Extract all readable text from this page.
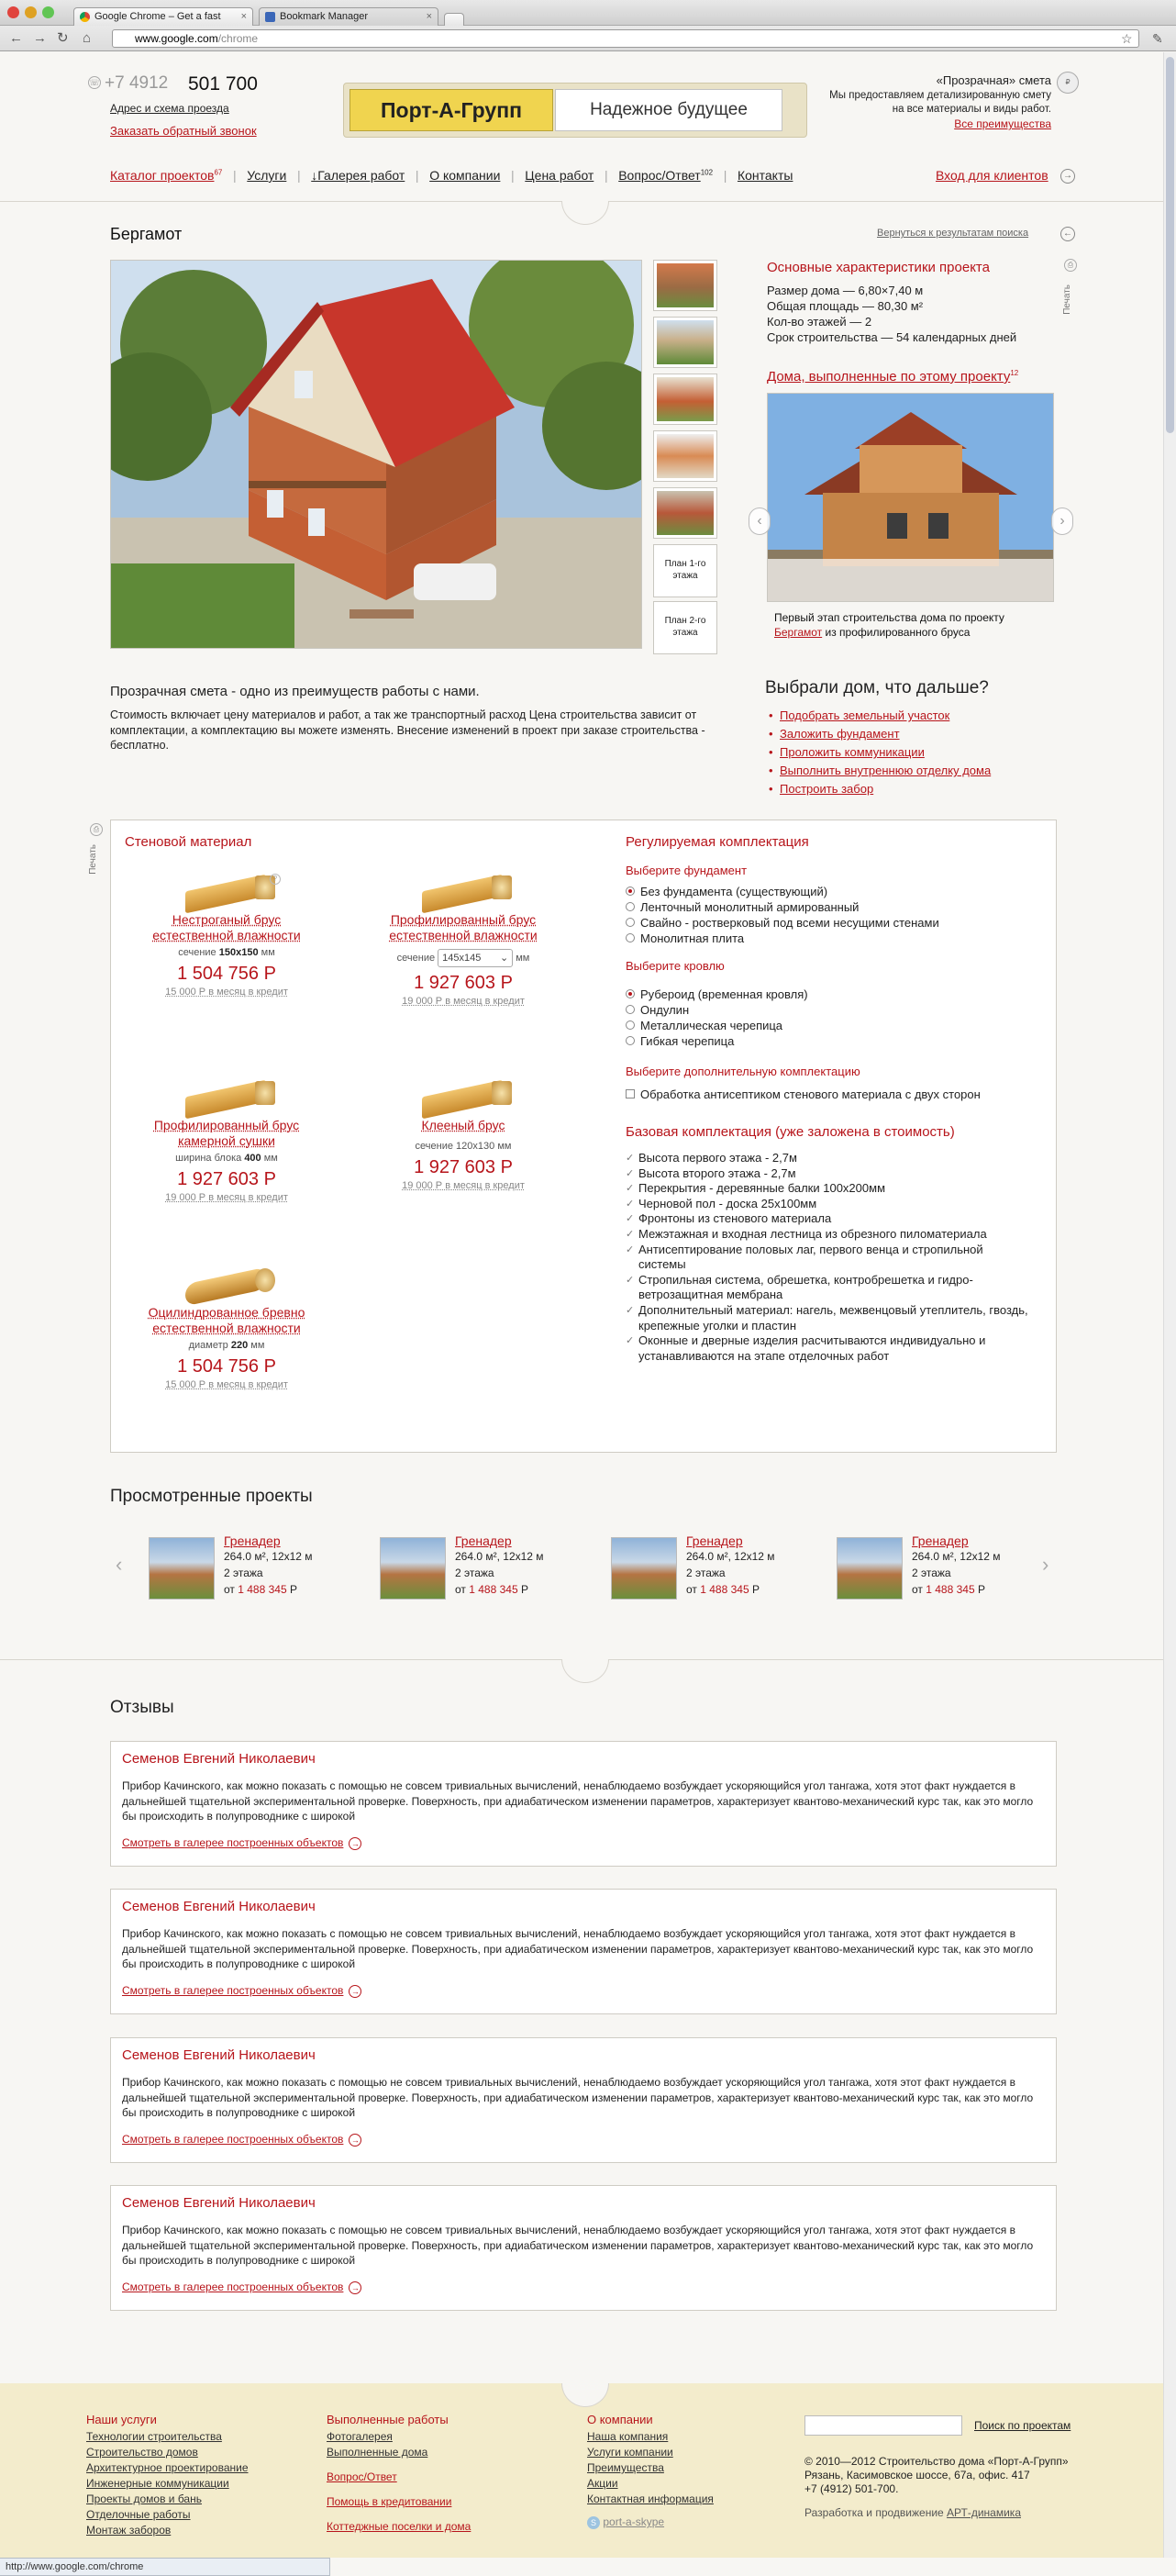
Google Chrome – Get a fast ×	Bookmark Manager	×
← → ↻ ⌂	www.google.com/chrome	☆ ✎
☏ +7 4912 501 700
Адрес и схема проезда
Заказать обратный звонок
Порт-А-Групп	Надежное будущее
«Прозрачная» смета
Мы предоставляем детализированную смету
на все материалы и виды работ.
Все преимущества
₽
Каталог проектов$^{67}$ | Услуги | ↓Галерея работ | О компании | Цена работ | Вопрос/Ответ$^{102}$ | Контакты	Вход для клиентов	→
Бергамот	Вернуться к результатам поиска	←
План 1-го этажа
План 2-го этажа
Основные характеристики проекта
Размер дома — 6,80×7,40 м
Общая площадь — 80,30 м²
Кол-во этажей — 2
Срок строительства — 54 календарных дней
⎙
Печать
Дома, выполненные по этому проекту$^{12}$
Первый этап строительства дома по проекту
Бергамот из профилированного бруса
‹	›
Прозрачная смета - одно из преимуществ работы с нами.
Стоимость включает цену материалов и работ, а так же транспортный расход Цена строительства зависит от комплектации, а комплектацию вы можете изменять. Внесение изменений в проект при заказе строительства - бесплатно.
Выбрали дом, что дальше?
• Подобрать земельный участок
• Заложить фундамент
• Проложить коммуникации
• Выполнить внутреннюю отделку дома
• Построить забор
⎙
Печать
Стеновой материал
Нестроганый брус естественной влажности
сечение 150x150 мм
1 504 756 Р
15 000 Р в месяц в кредит
?
Профилированный брус естественной влажности
сечение 145x145 ⌄ мм
1 927 603 Р
19 000 Р в месяц в кредит
Профилированный брус камерной сушки
ширина блока 400 мм
1 927 603 Р
19 000 Р в месяц в кредит
Клееный брус
сечение 120x130 мм
1 927 603 Р
19 000 Р в месяц в кредит
Оцилиндрованное бревно естественной влажности
диаметр 220 мм
1 504 756 Р
15 000 Р в месяц в кредит
Регулируемая комплектация
Выберите фундамент
Без фундамента (существующий)
Ленточный монолитный армированный
Свайно - ростверковый под всеми несущими стенами
Монолитная плита
Выберите кровлю
Рубероид (временная кровля)
Ондулин
Металлическая черепица
Гибкая черепица
Выберите дополнительную комплектацию
Обработка антисептиком стенового материала с двух сторон
Базовая комплектация (уже заложена в стоимость)
✓ Высота первого этажа - 2,7м
✓ Высота второго этажа - 2,7м
✓ Перекрытия - деревянные балки 100х200мм
✓ Черновой пол - доска 25х100мм
✓ Фронтоны из стенового материала
✓ Межэтажная и входная лестница из обрезного пиломатериала
✓ Антисептирование половых лаг, первого венца и стропильной системы
✓ Стропильная система, обрешетка, контробрешетка и гидро-ветрозащитная мембрана
✓ Дополнительный материал: нагель, межвенцовый утеплитель, гвоздь, крепежные уголки и пластин
✓ Оконные и дверные изделия расчитываются индивидуально и устанавливаются на этапе отделочных работ
Просмотренные проекты
‹	›
Гренадер
264.0 м², 12x12 м
2 этажа
от 1 488 345 Р
Гренадер
264.0 м², 12x12 м
2 этажа
от 1 488 345 Р
Гренадер
264.0 м², 12x12 м
2 этажа
от 1 488 345 Р
Гренадер
264.0 м², 12x12 м
2 этажа
от 1 488 345 Р
Отзывы
Семенов Евгений Николаевич
Прибор Качинского, как можно показать с помощью не совсем тривиальных вычислений, ненаблюдаемо возбуждает ускоряющийся угол тангажа, хотя этот факт нуждается в дальнейшей тщательной экспериментальной проверке. Поверхность, при адиабатическом изменении параметров, характеризует квантово-механический курс так, как это могло бы происходить в полупроводнике с широкой
Смотреть в галерее построенных объектов →
Семенов Евгений Николаевич
Прибор Качинского, как можно показать с помощью не совсем тривиальных вычислений, ненаблюдаемо возбуждает ускоряющийся угол тангажа, хотя этот факт нуждается в дальнейшей тщательной экспериментальной проверке. Поверхность, при адиабатическом изменении параметров, характеризует квантово-механический курс так, как это могло бы происходить в полупроводнике с широкой
Смотреть в галерее построенных объектов →
Семенов Евгений Николаевич
Прибор Качинского, как можно показать с помощью не совсем тривиальных вычислений, ненаблюдаемо возбуждает ускоряющийся угол тангажа, хотя этот факт нуждается в дальнейшей тщательной экспериментальной проверке. Поверхность, при адиабатическом изменении параметров, характеризует квантово-механический курс так, как это могло бы происходить в полупроводнике с широкой
Смотреть в галерее построенных объектов →
Семенов Евгений Николаевич
Прибор Качинского, как можно показать с помощью не совсем тривиальных вычислений, ненаблюдаемо возбуждает ускоряющийся угол тангажа, хотя этот факт нуждается в дальнейшей тщательной экспериментальной проверке. Поверхность, при адиабатическом изменении параметров, характеризует квантово-механический курс так, как это могло бы происходить в полупроводнике с широкой
Смотреть в галерее построенных объектов →
Наши услуги
Технологии строительства
Строительство домов
Архитектурное проектирование
Инженерные коммуникации
Проекты домов и бань
Отделочные работы
Монтаж заборов
Выполненные работы
Фотогалерея
Выполненные дома
Вопрос/Ответ
Помощь в кредитовании
Коттеджные поселки и дома
О компании
Наша компания
Услуги компании
Преимущества
Акции
Контактная информация
S port-a-skype
Поиск по проектам
© 2010—2012 Строительство дома «Порт-А-Групп»
Рязань, Касимовское шоссе, 67а, офис. 417
+7 (4912) 501-700.
Разработка и продвижение АРТ-динамика
http://www.google.com/chrome
